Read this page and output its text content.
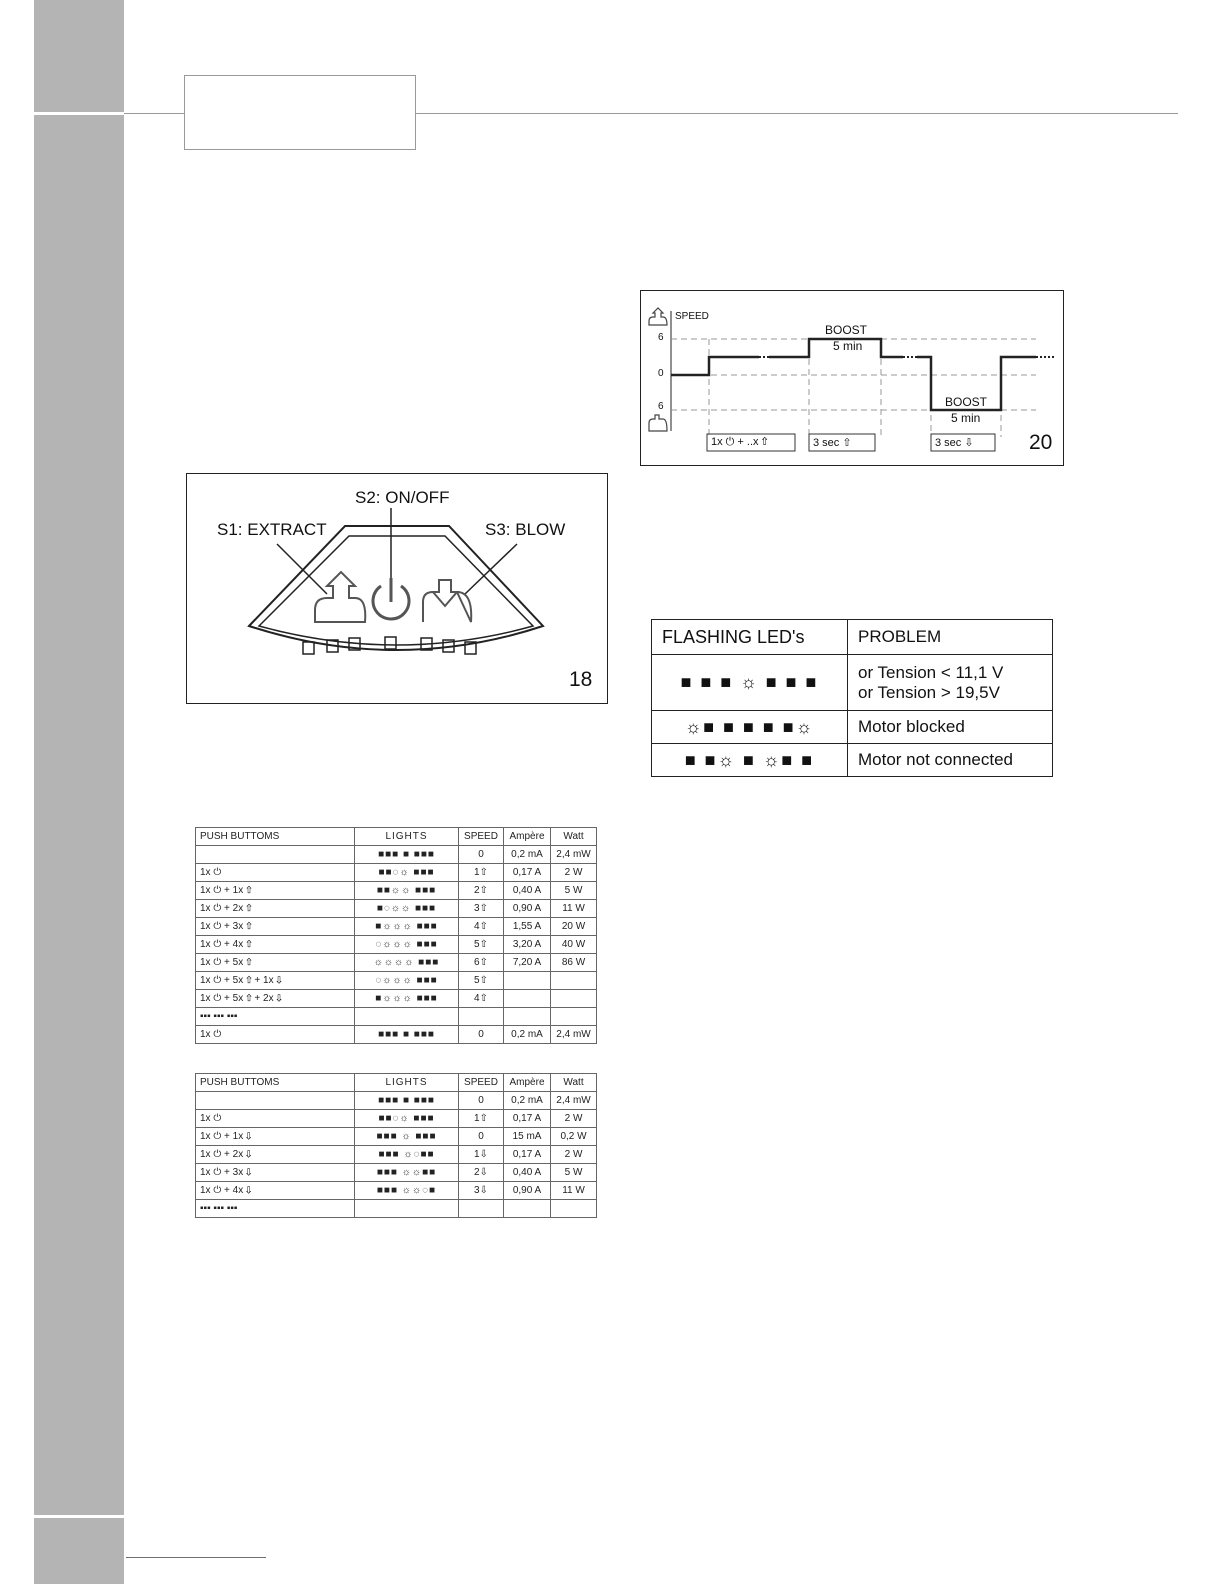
S1: EXTRACT
S2: ON/OFF
S3: BLOW
18
SPEED
6
0
6
BOOST
5 min
BOOST
5 min
1x ⏻ + ..x ⇧	3 sec ⇧	3 sec ⇩	20
PUSH BUTTOMS	LIGHTS	SPEED	Ampère	Watt
	■■■ ■ ■■■	0	0,2 mA	2,4 mW
1x ⏻	■■◌☼ ■■■	1⇧	0,17 A	2 W
1x ⏻ + 1x ⇧	■■☼☼ ■■■	2⇧	0,40 A	5 W
1x ⏻ + 2x ⇧	■◌☼☼ ■■■	3⇧	0,90 A	11 W
1x ⏻ + 3x ⇧	■☼☼☼ ■■■	4⇧	1,55 A	20 W
1x ⏻ + 4x ⇧	◌☼☼☼ ■■■	5⇧	3,20 A	40 W
1x ⏻ + 5x ⇧	☼☼☼☼ ■■■	6⇧	7,20 A	86 W
1x ⏻ + 5x ⇧ + 1x ⇩	◌☼☼☼ ■■■	5⇧		
1x ⏻ + 5x ⇧ + 2x ⇩	■☼☼☼ ■■■	4⇧		
▪▪▪ ▪▪▪ ▪▪▪				
1x ⏻	■■■ ■ ■■■	0	0,2 mA	2,4 mW
PUSH BUTTOMS	LIGHTS	SPEED	Ampère	Watt
	■■■ ■ ■■■	0	0,2 mA	2,4 mW
1x ⏻	■■◌☼ ■■■	1⇧	0,17 A	2 W
1x ⏻ + 1x ⇩	■■■ ☼ ■■■	0	15 mA	0,2 W
1x ⏻ + 2x ⇩	■■■ ☼◌■■	1⇩	0,17 A	2 W
1x ⏻ + 3x ⇩	■■■ ☼☼■■	2⇩	0,40 A	5 W
1x ⏻ + 4x ⇩	■■■ ☼☼◌■	3⇩	0,90 A	11 W
▪▪▪ ▪▪▪ ▪▪▪				
FLASHING LED's	PROBLEM
■ ■ ■ ☼ ■ ■ ■	or Tension < 11,1 V
or Tension > 19,5V

☼■ ■ ■ ■ ■☼	Motor blocked
■ ■☼ ■ ☼■ ■	Motor not connected
